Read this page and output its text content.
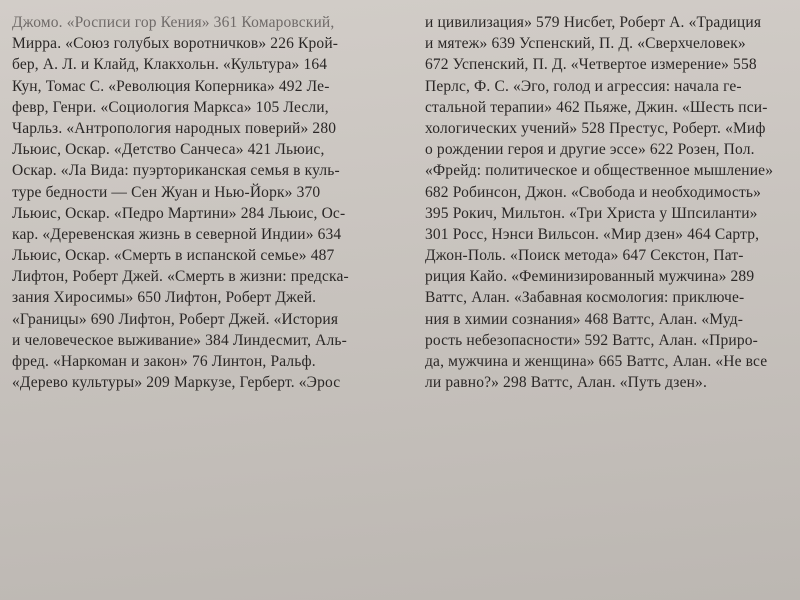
Джомо. «Росписи гор Кения» 361 Комаровский,
Мирра. «Союз голубых воротничков» 226 Крой-
бер, А. Л. и Клайд, Клакхольн. «Культура» 164
Кун, Томас С. «Революция Коперника» 492 Ле-
февр, Генри. «Социология Маркса» 105 Лесли,
Чарльз. «Антропология народных поверий» 280
Льюис, Оскар. «Детство Санчеса» 421 Льюис,
Оскар. «Ла Вида: пуэрториканская семья в куль-
туре бедности — Сен Жуан и Нью-Йорк» 370
Льюис, Оскар. «Педро Мартини» 284 Льюис, Ос-
кар. «Деревенская жизнь в северной Индии» 634
Льюис, Оскар. «Смерть в испанской семье» 487
Лифтон, Роберт Джей. «Смерть в жизни: предска-
зания Хиросимы» 650 Лифтон, Роберт Джей.
«Границы» 690 Лифтон, Роберт Джей. «История
и человеческое выживание» 384 Линдесмит, Аль-
фред. «Наркоман и закон» 76 Линтон, Ральф.
«Дерево культуры» 209 Маркузе, Герберт. «Эрос
и цивилизация» 579 Нисбет, Роберт А. «Традиция
и мятеж» 639 Успенский, П. Д. «Сверхчеловек»
672 Успенский, П. Д. «Четвертое измерение» 558
Перлс, Ф. С. «Эго, голод и агрессия: начала ге-
стальной терапии» 462 Пьяже, Джин. «Шесть пси-
хологических учений» 528 Престус, Роберт. «Миф
о рождении героя и другие эссе» 622 Розен, Пол.
«Фрейд: политическое и общественное мышление»
682 Робинсон, Джон. «Свобода и необходимость»
395 Рокич, Мильтон. «Три Христа у Шпсиланти»
301 Росс, Нэнси Вильсон. «Мир дзен» 464 Сартр,
Джон-Поль. «Поиск метода» 647 Секстон, Пат-
риция Кайо. «Феминизированный мужчина» 289
Ваттс, Алан. «Забавная космология: приключе-
ния в химии сознания» 468 Ваттс, Алан. «Муд-
рость небезопасности» 592 Ваттс, Алан. «Приро-
да, мужчина и женщина» 665 Ваттс, Алан. «Не все
ли равно?» 298 Ваттс, Алан. «Путь дзен».
